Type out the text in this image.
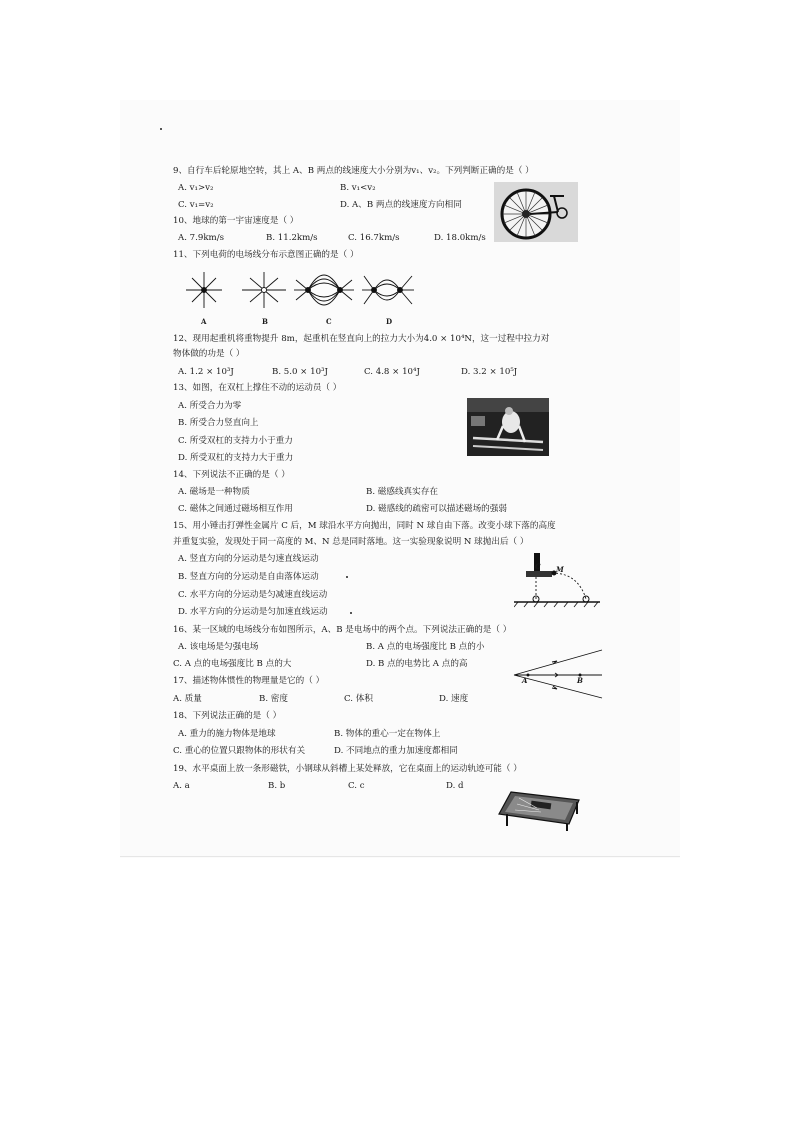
9、自行车后轮原地空转，其上 A、B 两点的线速度大小分别为v₁、v₂。下列判断正确的是（ ）
A. v₁>v₂	B. v₁<v₂
C. v₁=v₂	D. A、B 两点的线速度方向相同
10、地球的第一宇宙速度是（ ）
A. 7.9km/s	B. 11.2km/s	C. 16.7km/s	D. 18.0km/s
11、下列电荷的电场线分布示意图正确的是（ ）
A	B	C	D
12、现用起重机将重物提升 8m，起重机在竖直向上的拉力大小为4.0 × 10⁴N，这一过程中拉力对
物体做的功是（ ）
A. 1.2 × 10³J	B. 5.0 × 10³J	C. 4.8 × 10⁴J	D. 3.2 × 10⁵J
13、如图，在双杠上撑住不动的运动员（ ）
A. 所受合力为零
B. 所受合力竖直向上
C. 所受双杠的支持力小于重力
D. 所受双杠的支持力大于重力
14、下列说法不正确的是（ ）
A. 磁场是一种物质	B. 磁感线真实存在
C. 磁体之间通过磁场相互作用	D. 磁感线的疏密可以描述磁场的强弱
15、用小锤击打弹性金属片 C 后，M 球沿水平方向抛出，同时 N 球自由下落。改变小球下落的高度
并重复实验，发现处于同一高度的 M、N 总是同时落地。这一实验现象说明 N 球抛出后（ ）
A. 竖直方向的分运动是匀速直线运动
B. 竖直方向的分运动是自由落体运动
C. 水平方向的分运动是匀减速直线运动
D. 水平方向的分运动是匀加速直线运动
C M
16、某一区域的电场线分布如图所示，A、B 是电场中的两个点。下列说法正确的是（ ）
A. 该电场是匀强电场	B. A 点的电场强度比 B 点的小
C. A 点的电场强度比 B 点的大	D. B 点的电势比 A 点的高
A	B
17、描述物体惯性的物理量是它的（ ）
A. 质量	B. 密度	C. 体积	D. 速度
18、下列说法正确的是（ ）
A. 重力的施力物体是地球	B. 物体的重心一定在物体上
C. 重心的位置只跟物体的形状有关	D. 不同地点的重力加速度都相同
19、水平桌面上放一条形磁铁，小钢球从斜槽上某处释放，它在桌面上的运动轨迹可能（ ）
A. a	B. b	C. c	D. d
